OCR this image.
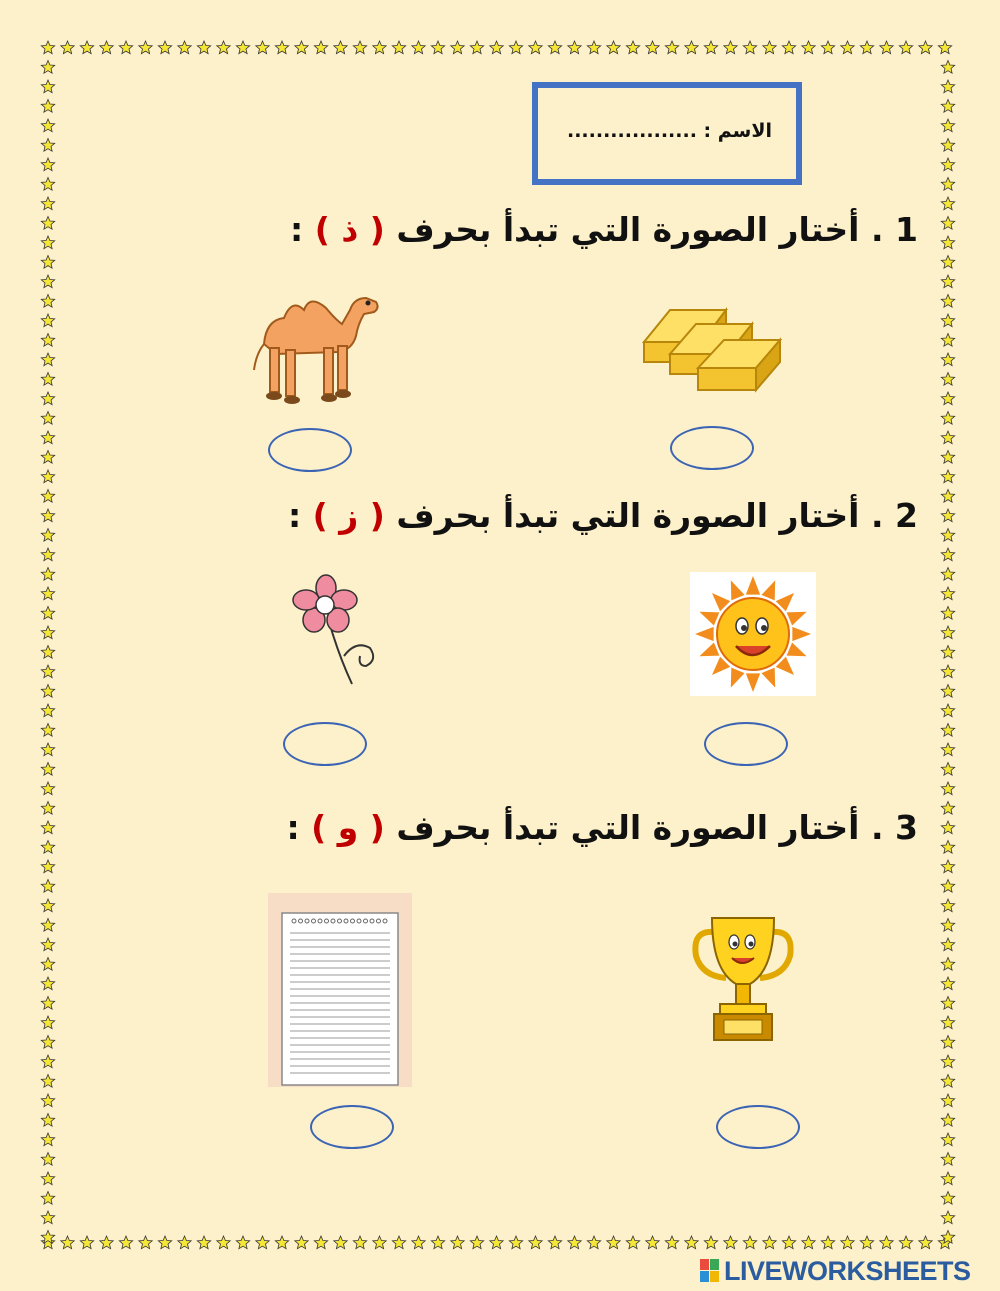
الاسم : ..................
1 . أختار الصورة التي تبدأ بحرف ( ذ ) :
2 . أختار الصورة التي تبدأ بحرف ( ز ) :
3 . أختار الصورة التي تبدأ بحرف ( و ) :
LIVEWORKSHEETS
